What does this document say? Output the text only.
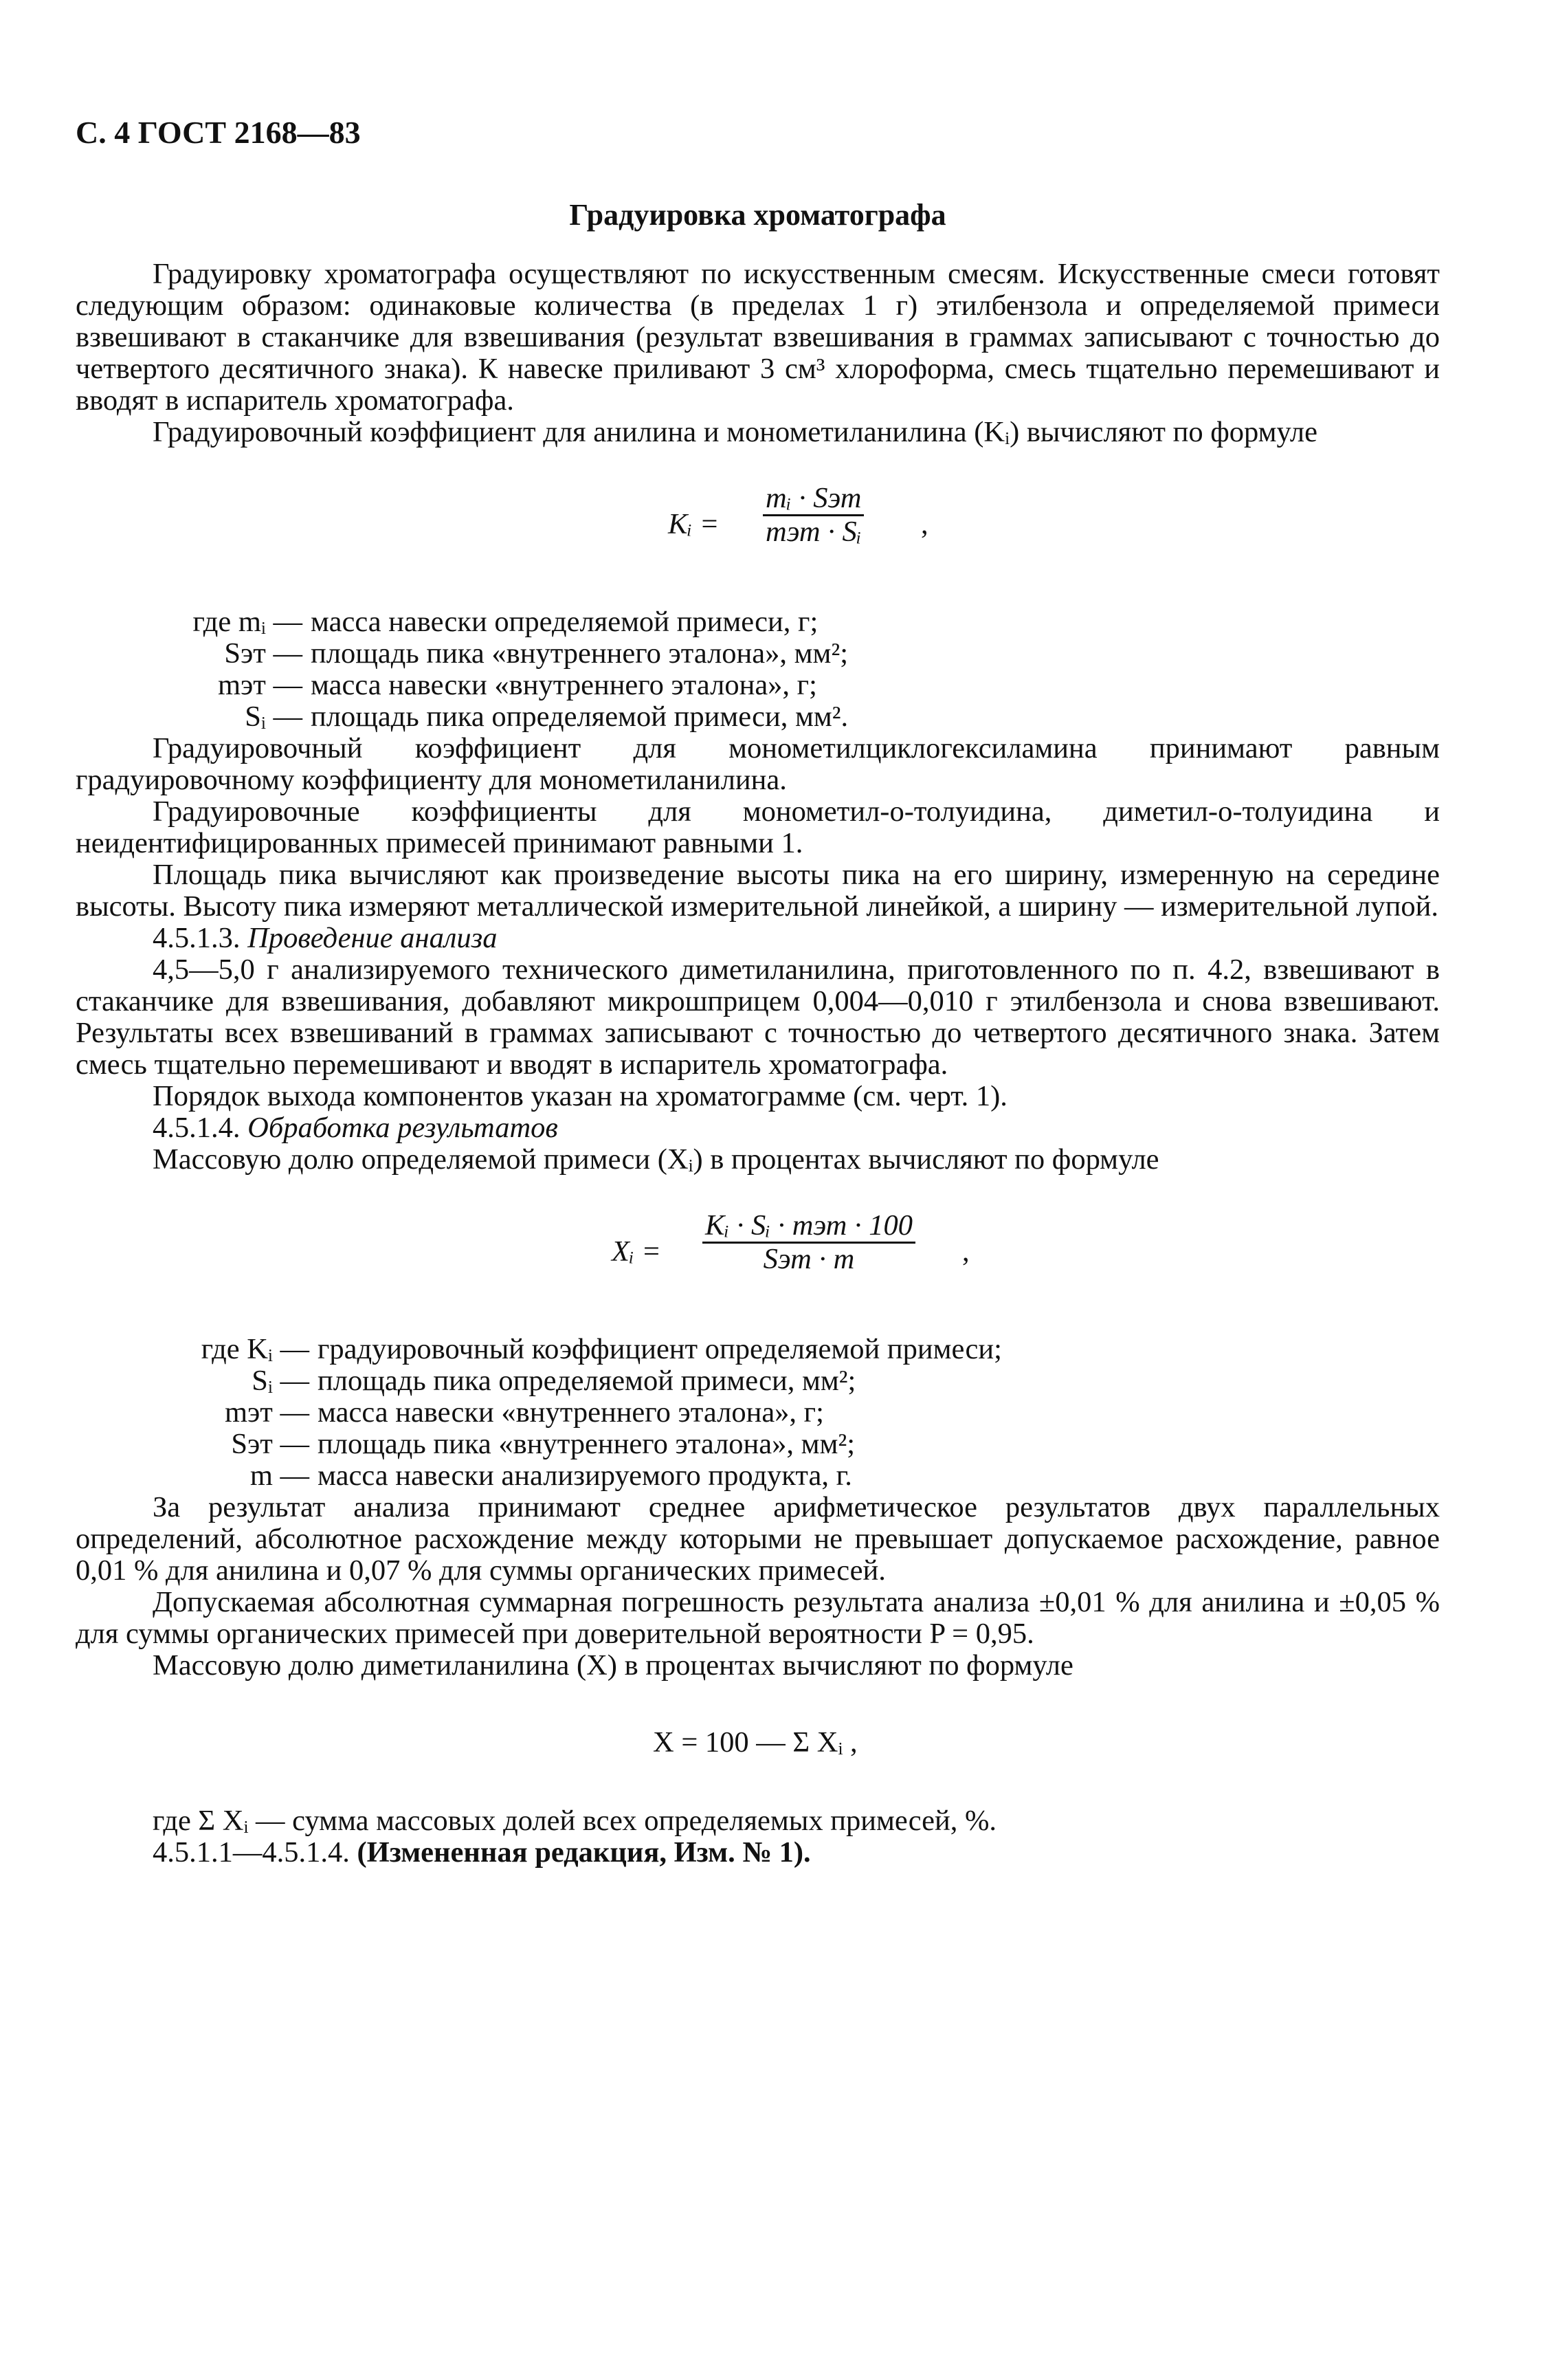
С. 4 ГОСТ 2168—83
Градуировка хроматографа

Градуировку хроматографа осуществляют по искусственным смесям. Искусственные смеси готовят следующим образом: одинаковые количества (в пределах 1 г) этилбензола и определяемой примеси взвешивают в стаканчике для взвешивания (результат взвешивания в граммах записывают с точностью до четвертого десятичного знака). К навеске приливают 3 см³ хлороформа, смесь тщательно перемешивают и вводят в испаритель хроматографа.

Градуировочный коэффициент для анилина и монометиланилина (Kᵢ) вычисляют по формуле

Kᵢ =
mᵢ · Sэт
mэт · Sᵢ ,
где mᵢ — масса навески определяемой примеси, г;
Sэт — площадь пика «внутреннего эталона», мм²;
mэт — масса навески «внутреннего эталона», г;
Sᵢ — площадь пика определяемой примеси, мм².

Градуировочный коэффициент для монометилциклогексиламина принимают равным градуировочному коэффициенту для монометиланилина.

Градуировочные коэффициенты для монометил-о-толуидина, диметил-о-толуидина и неидентифицированных примесей принимают равными 1.

Площадь пика вычисляют как произведение высоты пика на его ширину, измеренную на середине высоты. Высоту пика измеряют металлической измерительной линейкой, а ширину — измерительной лупой.

4.5.1.3. Проведение анализа

4,5—5,0 г анализируемого технического диметиланилина, приготовленного по п. 4.2, взвешивают в стаканчике для взвешивания, добавляют микрошприцем 0,004—0,010 г этилбензола и снова взвешивают. Результаты всех взвешиваний в граммах записывают с точностью до четвертого десятичного знака. Затем смесь тщательно перемешивают и вводят в испаритель хроматографа.

Порядок выхода компонентов указан на хроматограмме (см. черт. 1).

4.5.1.4. Обработка результатов

Массовую долю определяемой примеси (Xᵢ) в процентах вычисляют по формуле

Xᵢ =
Kᵢ · Sᵢ · mэт · 100
Sэт · m	,
где Kᵢ — градуировочный коэффициент определяемой примеси;
Sᵢ — площадь пика определяемой примеси, мм²;
mэт — масса навески «внутреннего эталона», г;
Sэт — площадь пика «внутреннего эталона», мм²;
m — масса навески анализируемого продукта, г.

За результат анализа принимают среднее арифметическое результатов двух параллельных определений, абсолютное расхождение между которыми не превышает допускаемое расхождение, равное 0,01 % для анилина и 0,07 % для суммы органических примесей.

Допускаемая абсолютная суммарная погрешность результата анализа ±0,01 % для анилина и ±0,05 % для суммы органических примесей при доверительной вероятности P = 0,95.

Массовую долю диметиланилина (X) в процентах вычисляют по формуле

X = 100 — Σ Xᵢ ,

где Σ Xᵢ — сумма массовых долей всех определяемых примесей, %.

4.5.1.1—4.5.1.4. (Измененная редакция, Изм. № 1).
